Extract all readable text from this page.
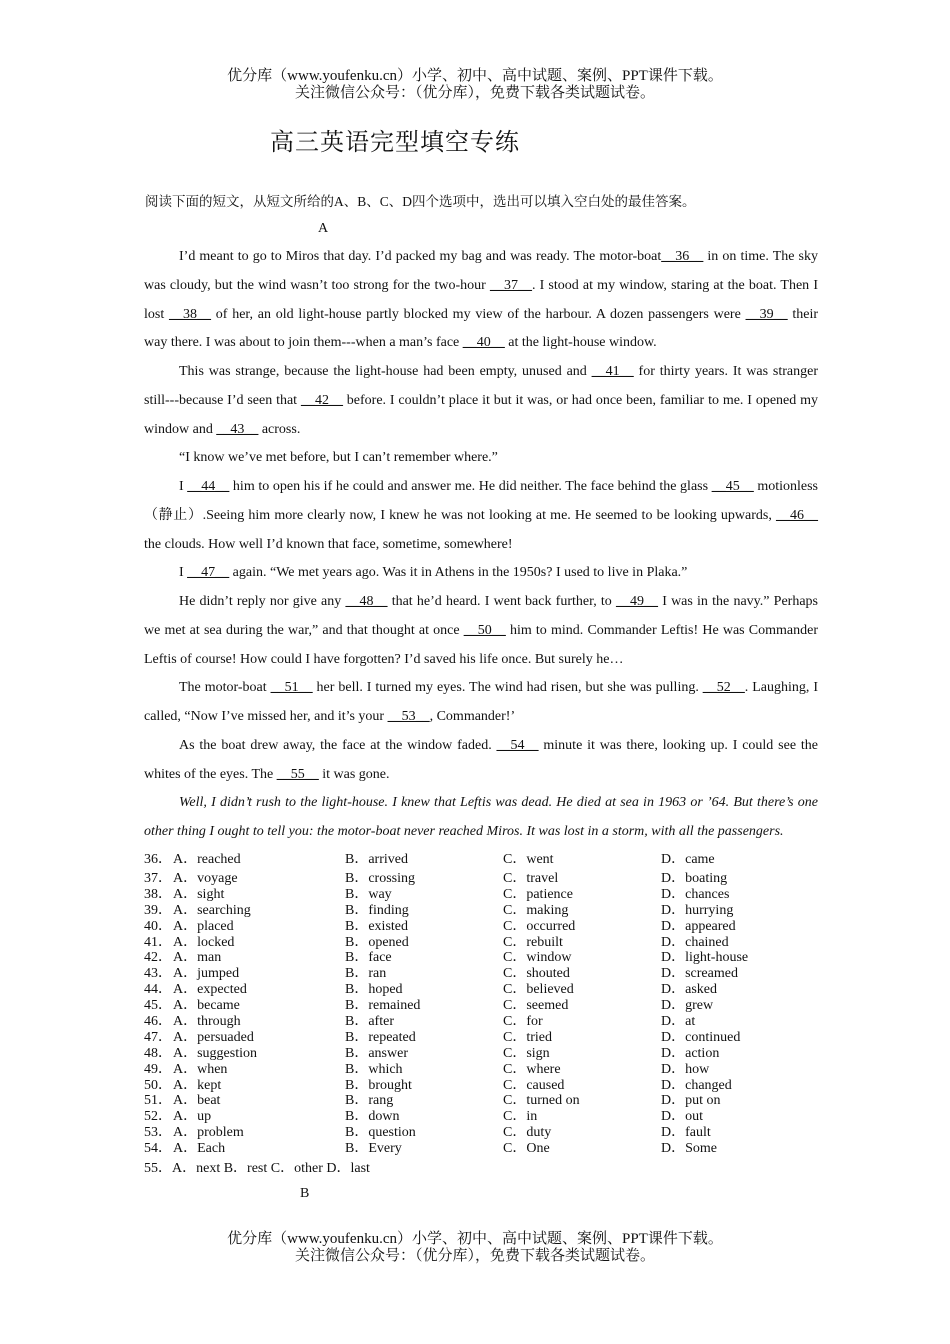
优分库（www.youfenku.cn）小学、初中、高中试题、案例、PPT课件下载。
关注微信公众号：（优分库），免费下载各类试题试卷。
高三英语完型填空专练
阅读下面的短文，从短文所给的A、B、C、D四个选项中，选出可以填入空白处的最佳答案。
A

I’d meant to go to Miros that day. I’d packed my bag and was ready. The motor-boat__36__ in on time. The sky was cloudy, but the wind wasn’t too strong for the two-hour __37__. I stood at my window, staring at the boat. Then I lost __38__ of her, an old light-house partly blocked my view of the harbour. A dozen passengers were __39__ their way there. I was about to join them---when a man’s face __40__ at the light-house window.

This was strange, because the light-house had been empty, unused and __41__ for thirty years. It was stranger still---because I’d seen that __42__ before. I couldn’t place it but it was, or had once been, familiar to me. I opened my window and __43__ across.

“I know we’ve met before, but I can’t remember where.”

I __44__ him to open his if he could and answer me. He did neither. The face behind the glass __45__ motionless（静止）.Seeing him more clearly now, I knew he was not looking at me. He seemed to be looking upwards, __46__ the clouds. How well I’d known that face, sometime, somewhere!

I __47__ again. “We met years ago. Was it in Athens in the 1950s? I used to live in Plaka.”

He didn’t reply nor give any __48__ that he’d heard. I went back further, to __49__ I was in the navy.” Perhaps we met at sea during the war,” and that thought at once __50__ him to mind. Commander Leftis! He was Commander Leftis of course! How could I have forgotten? I’d saved his life once. But surely he…

The motor-boat __51__ her bell. I turned my eyes. The wind had risen, but she was pulling. __52__. Laughing, I called, “Now I’ve missed her, and it’s your __53__, Commander!’

As the boat drew away, the face at the window faded. __54__ minute it was there, looking up. I could see the whites of the eyes. The __55__ it was gone.

Well, I didn’t rush to the light-house. I knew that Leftis was dead. He died at sea in 1963 or ’64. But there’s one other thing I ought to tell you: the motor-boat never reached Miros. It was lost in a storm, with all the passengers.

36． A．reached	B．arrived	C．went	D．came
37． A．voyage	B．crossing	C．travel	D．boating
38． A．sight	B．way	C．patience	D．chances
39． A．searching	B．finding	C．making	D．hurrying
40． A．placed	B．existed	C．occurred	D．appeared
41． A．locked	B．opened	C．rebuilt	D．chained
42． A．man	B．face	C．window	D．light-house
43． A．jumped	B．ran	C．shouted	D．screamed
44． A．expected	B．hoped	C．believed	D．asked
45． A．became	B．remained	C．seemed	D．grew
46． A．through	B．after	C．for	D．at
47． A．persuaded	B．repeated	C．tried	D．continued
48． A．suggestion	B．answer	C．sign	D．action
49． A．when	B．which	C．where	D．how
50． A．kept	B．brought	C．caused	D．changed
51． A．beat	B．rang	C．turned on	D．put on
52． A．up	B．down	C．in	D．out
53． A．problem	B．question	C．duty	D．fault
54． A．Each	B．Every	C．One	D．Some
55．A．next B．rest C．other D．last
B
优分库（www.youfenku.cn）小学、初中、高中试题、案例、PPT课件下载。
关注微信公众号：（优分库），免费下载各类试题试卷。
